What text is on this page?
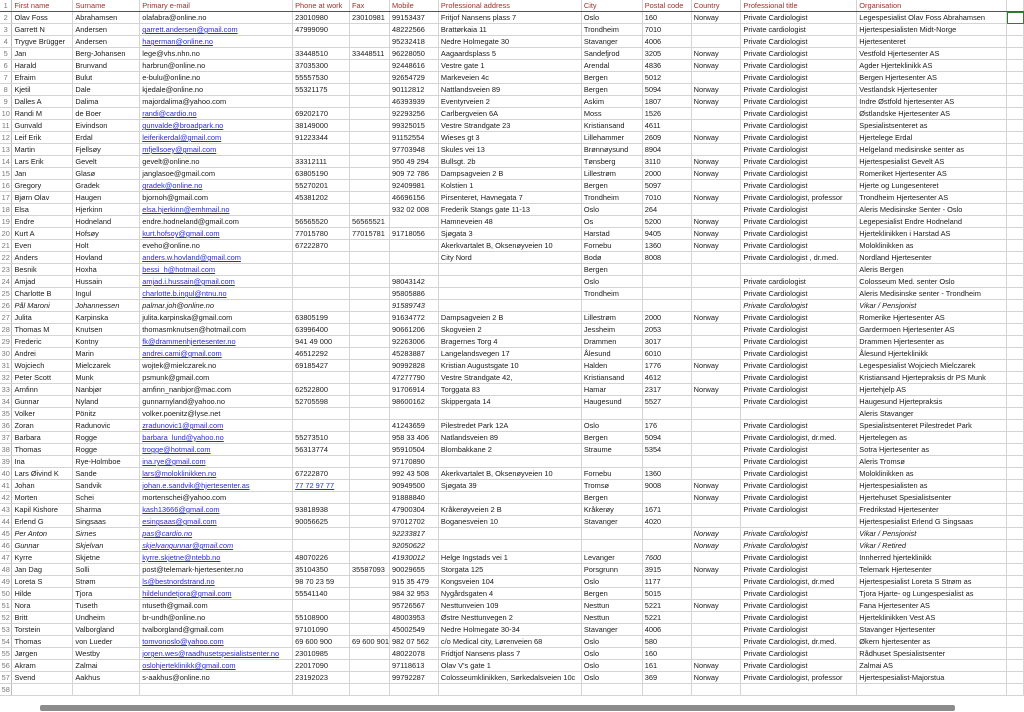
1	First name	Surname	Primary e-mail	Phone at work	Fax	Mobile	Professional address	City	Postal code	Country	Professional title	Organisation	
2	Olav Foss	Abrahamsen	olafabra@online.no	23010980	23010981	99153437	Fritjof Nansens plass 7	Oslo	160	Norway	Private Cardiologist	Legespesialist Olav Foss Abrahamsen	
3	Garrett N	Andersen	garrett.andersen@gmail.com	47999090		48222566	Brattørkaia 11	Trondheim	7010		Private cardiologist	Hjertespesialisten Midt-Norge	
4	Trygve Brügger	Andersen	hagerman@online.no			95232418	Nedre Holmegate 30	Stavanger	4006		Private Cardiologist	Hjertesenteret	
5	Jan	Berg-Johansen	lege@vhs.nhn.no	33448510	33448511	96228050	Aagaardsplass 5	Sandefjrod	3205	Norway	Private Cardiologist	Vestfold Hjertesenter AS	
6	Harald	Brunvand	harbrun@online.no	37035300		92448616	Vestre gate 1	Arendal	4836	Norway	Private Cardiologist	Agder Hjerteklinikk AS	
7	Efraim	Bulut	e-bulu@online.no	55557530		92654729	Markeveien 4c	Bergen	5012		Private Cardiologist	Bergen Hjertesenter AS	
8	Kjetil	Dale	kjedale@online.no	55321175		90112812	Nattlandsveien 89	Bergen	5094	Norway	Private Cardiologist	Vestlandsk Hjertesenter	
9	Dalles A	Dalima	majordalima@yahoo.com			46393939	Eventyrveien 2	Askim	1807	Norway	Private Cardiologist	Indre Østfold hjertesenter AS	
10	Randi M	de Boer	randi@cardio.no	69202170		92293256	Carlbergveien 6A	Moss	1526		Private Cardiologist	Østlandske Hjertesenter AS	
11	Gunvald	Eivindson	gunvalde@broadpark.no	38149000		99325015	Vestre Strandgate 23	Kristiansand	4611		Private Cardiologist	Spesialistsenteret as	
12	Leif Erik	Erdal	leiferikerdal@gmail.com	91223344		91152554	Wieses gt 3	Lillehammer	2609	Norway	Private Cardiologist	Hjertelege Erdal	
13	Martin	Fjellsøy	mfjellsoey@gmail.com			97703948	Skules vei 13	Brønnøysund	8904		Private Cardiologist	Helgeland medisinske senter as	
14	Lars Erik	Gevelt	gevelt@online.no	33312111		950 49 294	Bullsgt. 2b	Tønsberg	3110	Norway	Private Cardiologist	Hjertespesialist Gevelt AS	
15	Jan	Glasø	janglasoe@gmail.com	63805190		909 72 786	Dampsagveien 2 B	Lillestrøm	2000	Norway	Private Cardiologist	Romeriket Hjertesenter AS	
16	Gregory	Gradek	gradek@online.no	55270201		92409981	Kolstien 1	Bergen	5097		Private Cardiologist	Hjerte og Lungesenteret	
17	Bjørn Olav	Haugen	bjornoh@gmail.com	45381202		46696156	Pirsenteret, Havnegata 7	Trondheim	7010	Norway	Private Cardiologist, professor	Trondheim Hjertesenter AS	
18	Elsa	Hjerkinn	elsa.hjerkinn@emhmail.no			932 02 008	Frederik Stangs gate 11-13	Oslo	264		Private Cardiologist	Aleris Medisinske Senter - Oslo	
19	Endre	Hodneland	endre.hodneland@gmail.com	56565520	56565521		Hamneveien 48	Os	5200	Norway	Private Cardiologist	Legepesialist Endre Hodneland	
20	Kurt A	Hofsøy	kurt.hofsoy@gmail.com	77015780	77015781	91718056	Sjøgata 3	Harstad	9405	Norway	Private Cardiologist	Hjerteklinikken i Harstad AS	
21	Even	Holt	eveho@online.no	67222870			Akerkvartalet B, Oksenøyveien 10	Fornebu	1360	Norway	Private Cardiologist	Moloklinikken as	
22	Anders	Hovland	anders.w.hovland@gmail.com				City Nord	Bodø	8008		Private Cardiologist , dr.med.	Nordland Hjertesenter	
23	Besnik	Hoxha	bessi_h@hotmail.com					Bergen				Aleris Bergen	
24	Amjad	Hussain	amjad.i.hussain@gmail.com			98043142		Oslo			Private cardiologist	Colosseum Med. senter Oslo	
25	Charlotte B	Ingul	charlotte.b.ingul@ntnu.no			95805886		Trondheim			Private Cardiologist	Aleris Medisinske senter - Trondheim	
26	Pål Maroni	Johannessen	palmar.joh@online.no			91589743					Private Cardiologist	Vikar / Pensjonist	
27	Julita	Karpinska	julita.karpinska@gmail.com	63805199		91634772	Dampsagveien 2 B	Lillestrøm	2000	Norway	Private Cardiologist	Romerike Hjertesenter AS	
28	Thomas M	Knutsen	thomasmknutsen@hotmail.com	63996400		90661206	Skogveien 2	Jessheim	2053		Private Cardiologist	Gardermoen Hjertesenter AS	
29	Frederic	Kontny	fk@drammenhjertesenter.no	941 49 000		92263006	Bragernes Torg 4	Drammen	3017		Private Cardiologist	Drammen Hjertesenter as	
30	Andrei	Marin	andrei.cami@gmail.com	46512292		45283887	Langelandsvegen 17	Ålesund	6010		Private Cardiologist	Ålesund Hjerteklinikk	
31	Wojciech	Mielczarek	wojtek@mielczarek.no	69185427		90992828	Kristian Augustsgate 10	Halden	1776	Norway	Private Cardiologist	Legespesialist Wojciech Mielczarek	
32	Peter Scott	Munk	psmunk@gmail.com			47277790	Vestre Strandgate 42,	Kristiansand	4612		Private Cardiologist	Kristiansand Hjertepraksis dr PS Munk	
33	Arnfinn	Nanbjør	arnfinn_nanbjor@mac.com	62522800		91706914	Torggata 83	Hamar	2317	Norway	Private Cardiologist	Hjertehjelp AS	
34	Gunnar	Nyland	gunnarnyland@yahoo.no	52705598		98600162	Skippergata 14	Haugesund	5527		Private Cardiologist	Haugesund Hjertepraksis	
35	Volker	Pönitz	volker.poenitz@lyse.net									Aleris Stavanger	
36	Zoran	Radunovic	zradunovic1@gmail.com			41243659	Pilestredet Park 12A	Oslo	176		Private Cardiologist	Spesialistsenteret Pilestredet Park	
37	Barbara	Rogge	barbara_lund@yahoo.no	55273510		958 33 406	Natlandsveien 89	Bergen	5094		Private Cardiologist, dr.med.	Hjertelegen as	
38	Thomas	Rogge	trogge@hotmail.com	56313774		95910504	Blombakkane 2	Straume	5354		Private Cardiologist	Sotra Hjertesenter as	
39	Ina	Rye-Holmboe	ina.rye@gmail.com			97170890					Private Cardiologist	Aleris Tromsø	
40	Lars Øivind K	Sande	lars@moloklinikken.no	67222870		992 43 508	Akerkvartalet B, Oksenøyveien 10	Fornebu	1360		Private Cardiologist	Moloklinikken as	
41	Johan	Sandvik	johan.e.sandvik@hjertesenter.as	77 72 97 77		90949500	Sjøgata 39	Tromsø	9008	Norway	Private Cardiologist	Hjertespesialisten as	
42	Morten	Schei	mortenschei@yahoo.com			91888840		Bergen		Norway	Private Cardiologist	Hjertehuset Spesialistsenter	
43	Kapil Kishore	Sharma	kash13666@gmail.com	93818938		47900304	Kråkerøyveien 2 B	Kråkerøy	1671		Private Cardiologist	Fredrikstad Hjertesenter	
44	Erlend G	Singsaas	esingsaas@gmail.com	90056625		97012702	Boganesveien 10	Stavanger	4020			Hjertespesialist Erlend G Singsaas	
45	Per Anton	Sirnes	pas@cardio.no			92233817				Norway	Private Cardiologist	Vikar / Pensjonist	
46	Gunnar	Skjelvan	skjelvangunnar@gmail.com			92050622				Norway	Private Cardiologist	Vikar / Retired	
47	Kyrre	Skjetne	kyrre.skjetne@ntebb.no	48070226		41930012	Helge Ingstads vei 1	Levanger	7600		Private Cardiologist	Innherred hjerteklinikk	
48	Jan Dag	Solli	post@telemark-hjertesenter.no	35104350	35587093	90029655	Storgata 125	Porsgrunn	3915	Norway	Private Cardiologist	Telemark Hjertesenter	
49	Loreta S	Strøm	ls@bestnordstrand.no	98 70 23 59		915 35 479	Kongsveien 104	Oslo	1177		Private Cardiologist, dr.med	Hjertespesialist Loreta S Strøm as	
50	Hilde	Tjora	hildelundetjora@gmail.com	55541140		984 32 953	Nygårdsgaten 4	Bergen	5015		Private Cardiologist	Tjora Hjarte- og Lungespesialist as	
51	Nora	Tuseth	ntuseth@gmail.com			95726567	Nesttunveien 109	Nesttun	5221	Norway	Private Cardiologist	Fana Hjertesenter AS	
52	Britt	Undheim	br-undh@online.no	55108900		48003953	Østre Nesttunvegen 2	Nesttun	5221		Private Cardiologist	Hjerteklinikken Vest AS	
53	Torstein	Valborgland	tvalborgland@gmail.com	97101090		45002549	Nedre Holmegate 30-34	Stavanger	4006		Private Cardiologist	Stavanger Hjertesenter	
54	Thomas	von Lueder	tomvonoslo@yahoo.com	69 600 900	69 600 901	982 07 562	c/o Medical city, Lørenveien 68	Oslo	580		Private Cardiologist, dr.med.	Økern hjertesenter as	
55	Jørgen	Westby	jorgen.wes@raadhusetspesialistsenter.no	23010985		48022078	Fridtjof Nansens plass 7	Oslo	160		Private Cardiologist	Rådhuset Spesialistsenter	
56	Akram	Zalmai	oslohjerteklinikk@gmail.com	22017090		97118613	Olav V's gate 1	Oslo	161	Norway	Private Cardiologist	Zalmai AS	
57	Svend	Aakhus	s-aakhus@online.no	23192023		99792287	Colosseumklinikken, Sørkedalsveien 10c	Oslo	369	Norway	Private Cardiologist, professor	Hjertespesialist-Majorstua	
58													
